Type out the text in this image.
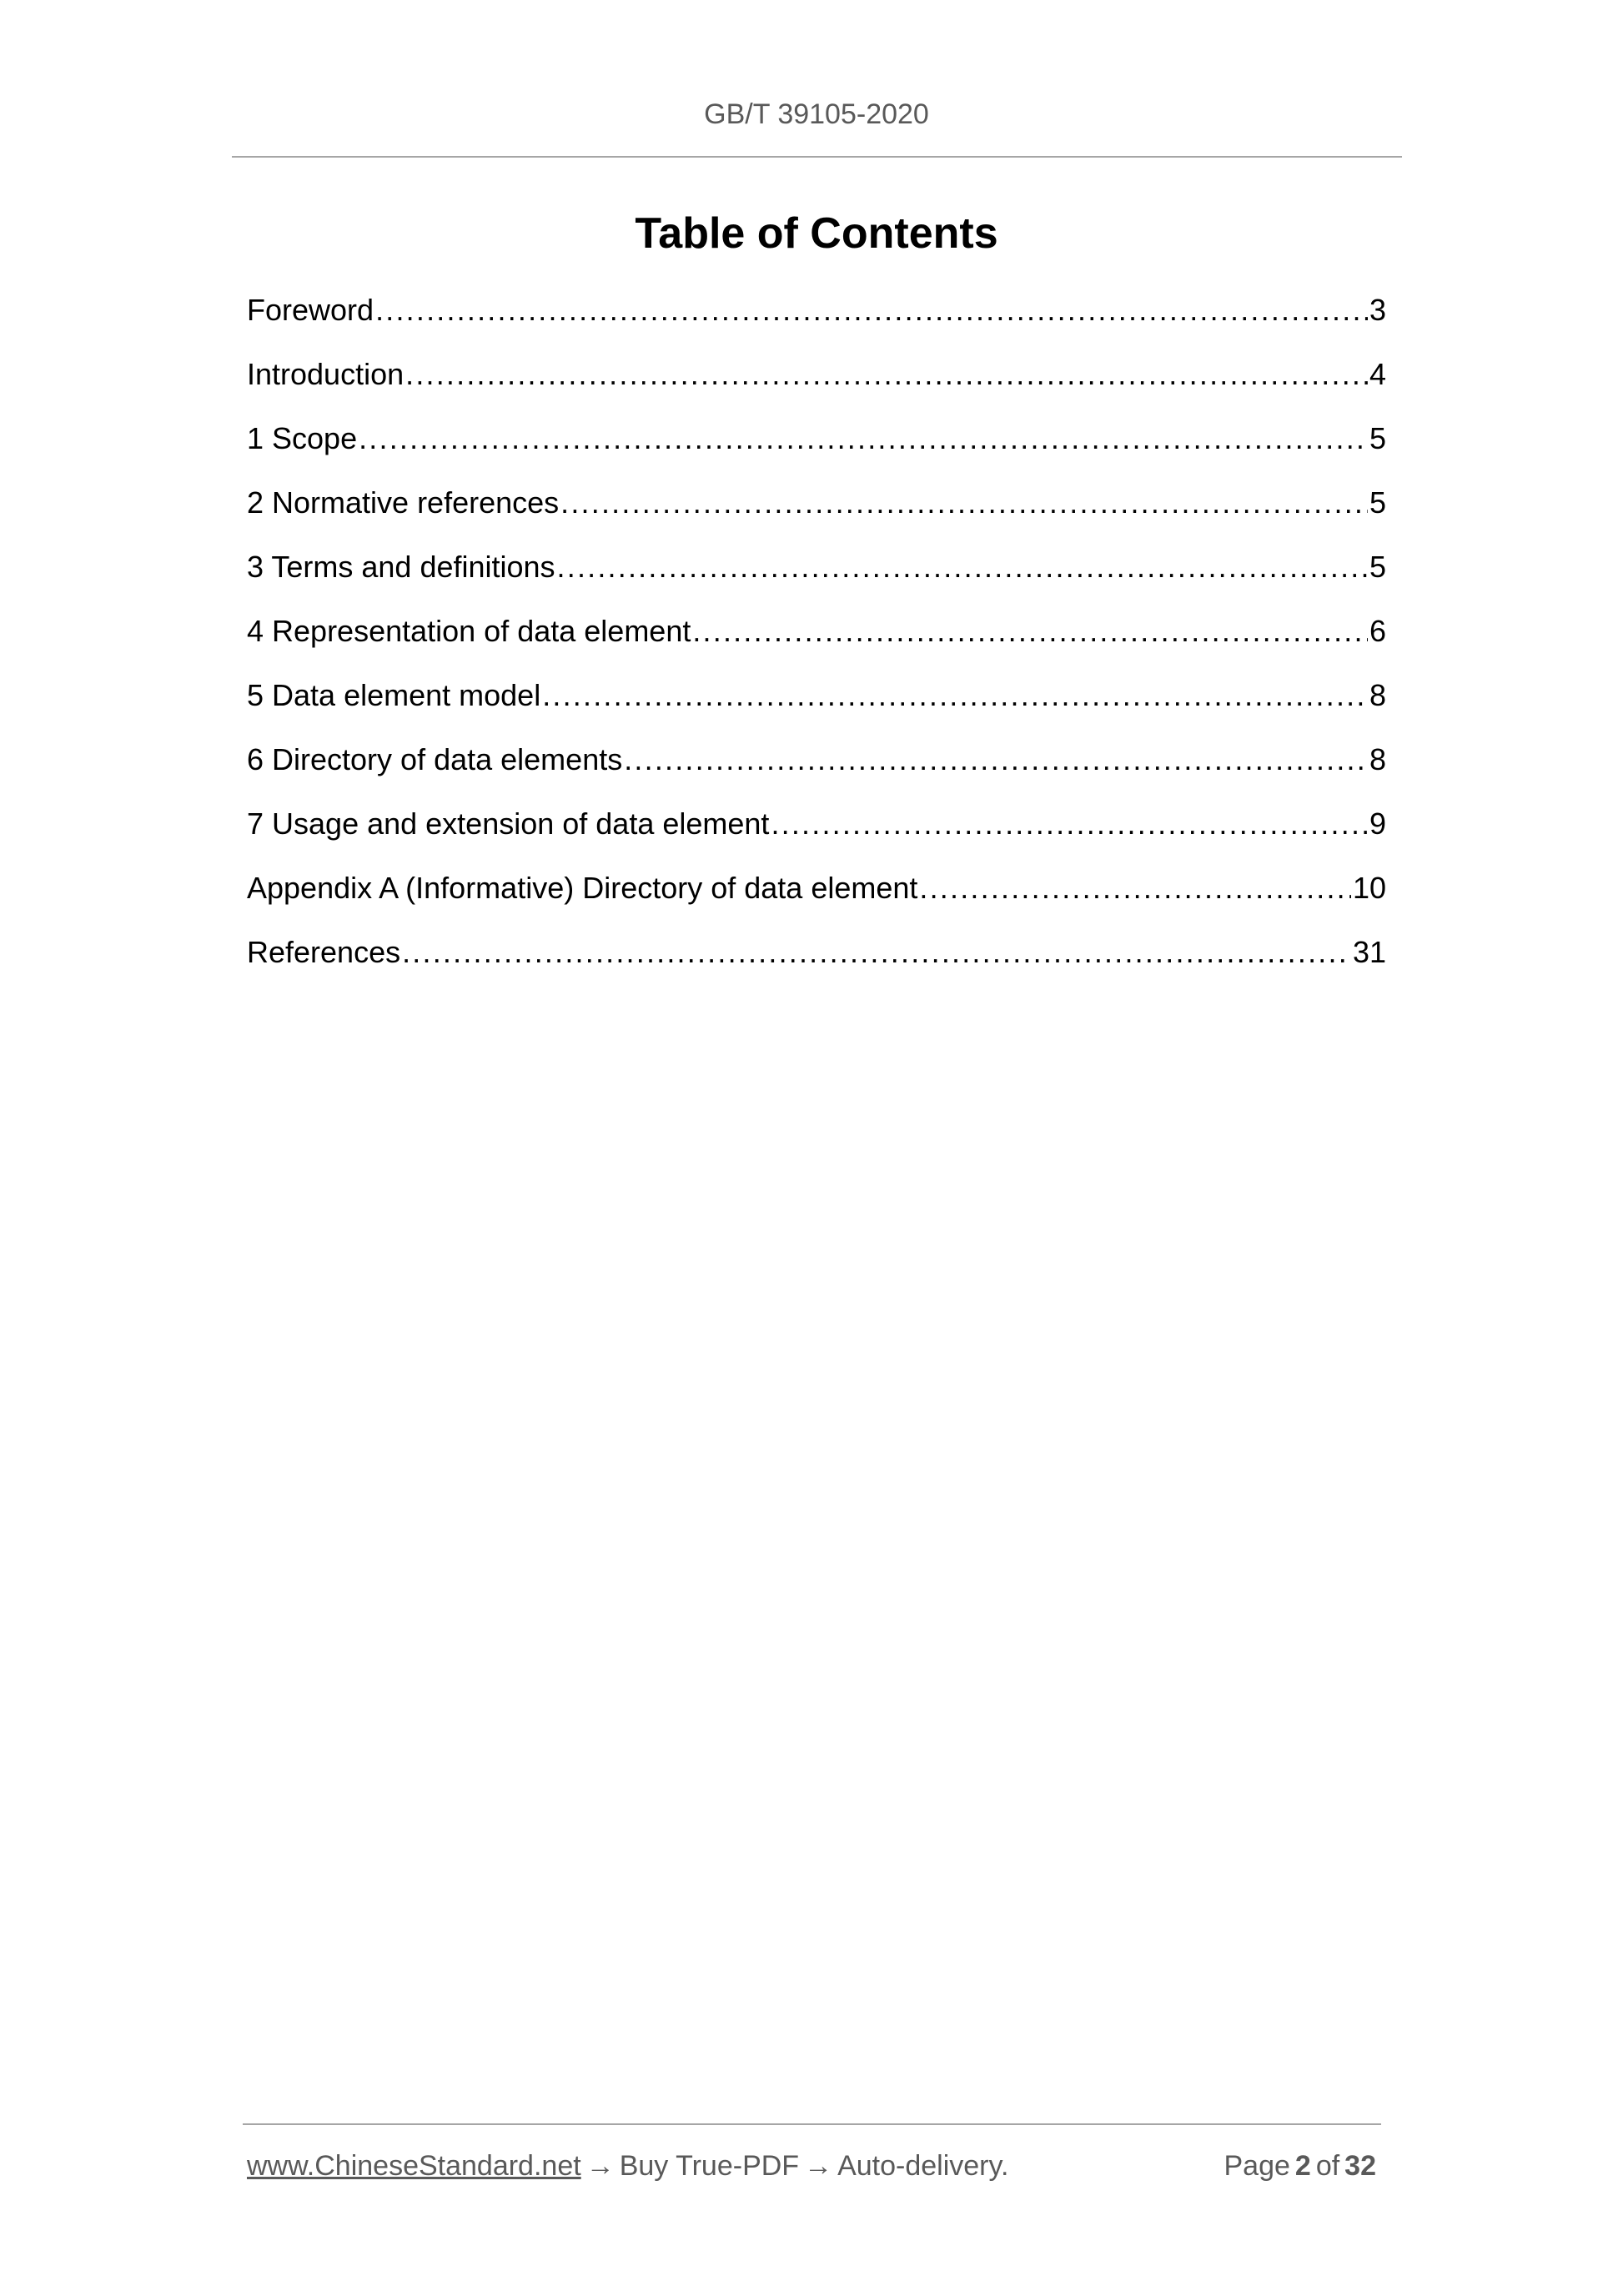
GB/T 39105-2020
Table of Contents
Foreword .....	3
Introduction .....	4
1 Scope .....	5
2 Normative references .....	5
3 Terms and definitions .....	5
4 Representation of data element .....	6
5 Data element model .....	8
6 Directory of data elements .....	8
7 Usage and extension of data element .....	9
Appendix A (Informative) Directory of data element .....	10
References .....	31
www.ChineseStandard.net → Buy True-PDF → Auto-delivery.	Page 2 of 32
